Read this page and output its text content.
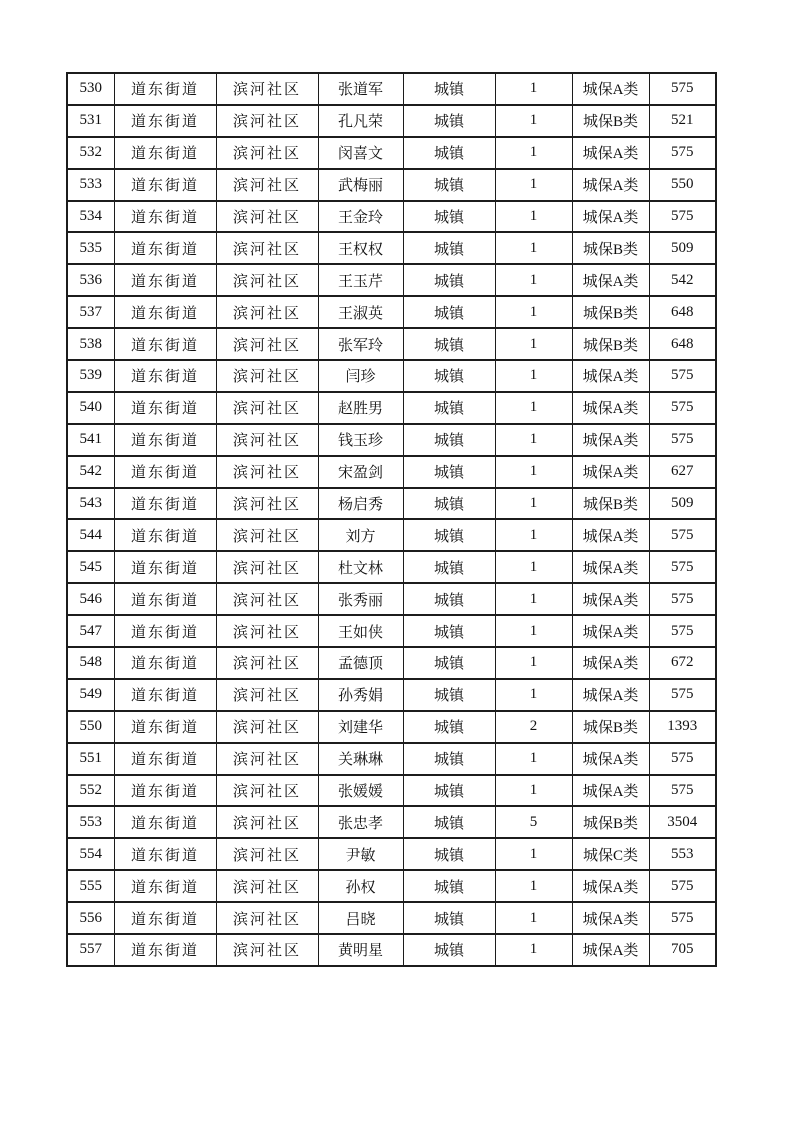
530	道东街道	滨河社区	张道军	城镇	1	城保A类	575
531	道东街道	滨河社区	孔凡荣	城镇	1	城保B类	521
532	道东街道	滨河社区	闵喜文	城镇	1	城保A类	575
533	道东街道	滨河社区	武梅丽	城镇	1	城保A类	550
534	道东街道	滨河社区	王金玲	城镇	1	城保A类	575
535	道东街道	滨河社区	王权权	城镇	1	城保B类	509
536	道东街道	滨河社区	王玉芹	城镇	1	城保A类	542
537	道东街道	滨河社区	王淑英	城镇	1	城保B类	648
538	道东街道	滨河社区	张军玲	城镇	1	城保B类	648
539	道东街道	滨河社区	闫珍	城镇	1	城保A类	575
540	道东街道	滨河社区	赵胜男	城镇	1	城保A类	575
541	道东街道	滨河社区	钱玉珍	城镇	1	城保A类	575
542	道东街道	滨河社区	宋盈剑	城镇	1	城保A类	627
543	道东街道	滨河社区	杨启秀	城镇	1	城保B类	509
544	道东街道	滨河社区	刘方	城镇	1	城保A类	575
545	道东街道	滨河社区	杜文林	城镇	1	城保A类	575
546	道东街道	滨河社区	张秀丽	城镇	1	城保A类	575
547	道东街道	滨河社区	王如侠	城镇	1	城保A类	575
548	道东街道	滨河社区	孟德顶	城镇	1	城保A类	672
549	道东街道	滨河社区	孙秀娟	城镇	1	城保A类	575
550	道东街道	滨河社区	刘建华	城镇	2	城保B类	1393
551	道东街道	滨河社区	关琳琳	城镇	1	城保A类	575
552	道东街道	滨河社区	张媛媛	城镇	1	城保A类	575
553	道东街道	滨河社区	张忠孝	城镇	5	城保B类	3504
554	道东街道	滨河社区	尹敏	城镇	1	城保C类	553
555	道东街道	滨河社区	孙权	城镇	1	城保A类	575
556	道东街道	滨河社区	吕晓	城镇	1	城保A类	575
557	道东街道	滨河社区	黄明星	城镇	1	城保A类	705
